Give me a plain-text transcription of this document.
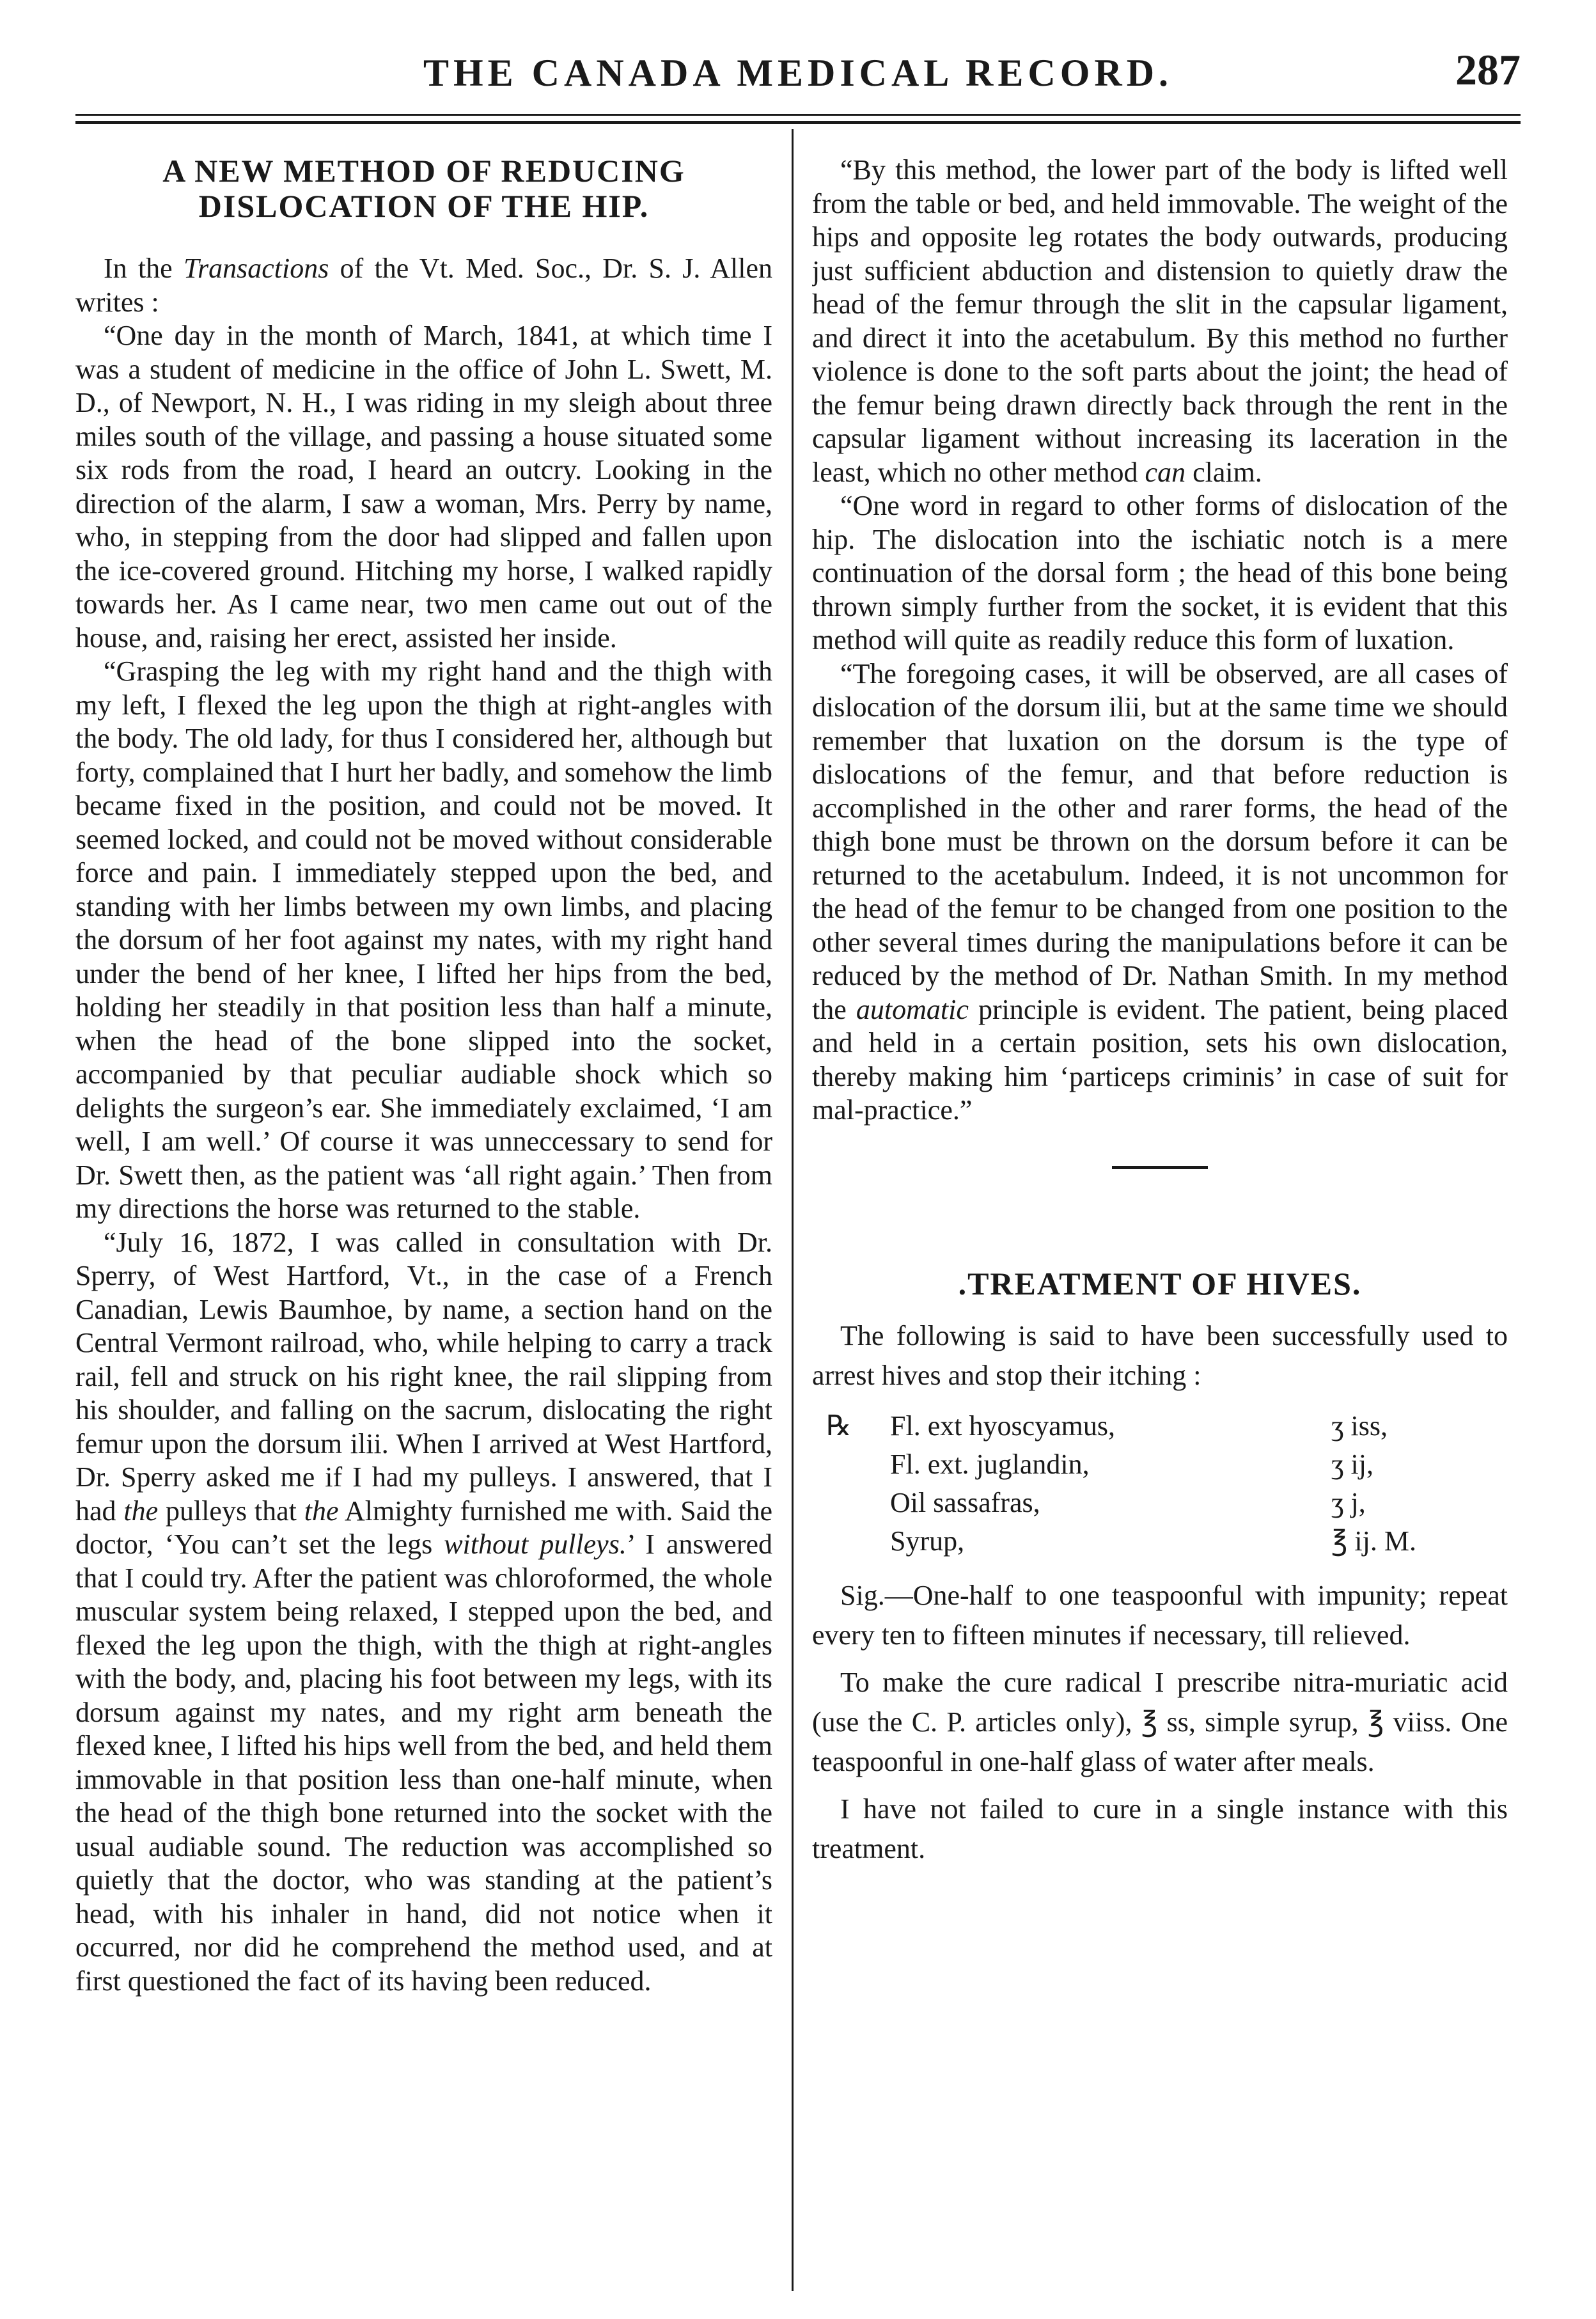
THE CANADA MEDICAL RECORD.	287
A NEW METHOD OF REDUCING DISLOCATION OF THE HIP.

In the Transactions of the Vt. Med. Soc., Dr. S. J. Allen writes :

“One day in the month of March, 1841, at which time I was a student of medicine in the office of John L. Swett, M. D., of Newport, N. H., I was riding in my sleigh about three miles south of the village, and passing a house situated some six rods from the road, I heard an outcry. Looking in the direction of the alarm, I saw a woman, Mrs. Perry by name, who, in stepping from the door had slipped and fallen upon the ice-covered ground. Hitching my horse, I walked rapidly towards her. As I came near, two men came out out of the house, and, raising her erect, assisted her inside.

“Grasping the leg with my right hand and the thigh with my left, I flexed the leg upon the thigh at right-angles with the body. The old lady, for thus I considered her, although but forty, complained that I hurt her badly, and somehow the limb became fixed in the position, and could not be moved. It seemed locked, and could not be moved without considerable force and pain. I immediately stepped upon the bed, and standing with her limbs between my own limbs, and placing the dorsum of her foot against my nates, with my right hand under the bend of her knee, I lifted her hips from the bed, holding her steadily in that position less than half a minute, when the head of the bone slipped into the socket, accompanied by that peculiar audiable shock which so delights the surgeon’s ear. She immediately exclaimed, ‘I am well, I am well.’ Of course it was unneccessary to send for Dr. Swett then, as the patient was ‘all right again.’ Then from my directions the horse was returned to the stable.

“July 16, 1872, I was called in consultation with Dr. Sperry, of West Hartford, Vt., in the case of a French Canadian, Lewis Baumhoe, by name, a section hand on the Central Vermont railroad, who, while helping to carry a track rail, fell and struck on his right knee, the rail slipping from his shoulder, and falling on the sacrum, dislocating the right femur upon the dorsum ilii. When I arrived at West Hartford, Dr. Sperry asked me if I had my pulleys. I answered, that I had the pulleys that the Almighty furnished me with. Said the doctor, ‘You can’t set the legs without pulleys.’ I answered that I could try. After the patient was chloroformed, the whole muscular system being relaxed, I stepped upon the bed, and flexed the leg upon the thigh, with the thigh at right-angles with the body, and, placing his foot between my legs, with its dorsum against my nates, and my right arm beneath the flexed knee, I lifted his hips well from the bed, and held them immovable in that position less than one-half minute, when the head of the thigh bone returned into the socket with the usual audiable sound. The reduction was accomplished so quietly that the doctor, who was standing at the patient’s head, with his inhaler in hand, did not notice when it occurred, nor did he comprehend the method used, and at first questioned the fact of its having been reduced.

“By this method, the lower part of the body is lifted well from the table or bed, and held immovable. The weight of the hips and opposite leg rotates the body outwards, producing just sufficient abduction and distension to quietly draw the head of the femur through the slit in the capsular ligament, and direct it into the acetabulum. By this method no further violence is done to the soft parts about the joint; the head of the femur being drawn directly back through the rent in the capsular ligament without increasing its laceration in the least, which no other method can claim.

“One word in regard to other forms of dislocation of the hip. The dislocation into the ischiatic notch is a mere continuation of the dorsal form ; the head of this bone being thrown simply further from the socket, it is evident that this method will quite as readily reduce this form of luxation.

“The foregoing cases, it will be observed, are all cases of dislocation of the dorsum ilii, but at the same time we should remember that luxation on the dorsum is the type of dislocations of the femur, and that before reduction is accomplished in the other and rarer forms, the head of the thigh bone must be thrown on the dorsum before it can be returned to the acetabulum. Indeed, it is not uncommon for the head of the femur to be changed from one position to the other several times during the manipulations before it can be reduced by the method of Dr. Nathan Smith. In my method the automatic principle is evident. The patient, being placed and held in a certain position, sets his own dislocation, thereby making him ‘particeps criminis’ in case of suit for mal-practice.”

.TREATMENT OF HIVES.

The following is said to have been successfully used to arrest hives and stop their itching :

℞	Fl. ext hyoscyamus,	ʒ iss,
Fl. ext. juglandin,	ʒ ij,
Oil sassafras,	ʒ j,
Syrup,	℥ ij. M.

Sig.—One-half to one teaspoonful with impunity; repeat every ten to fifteen minutes if necessary, till relieved.

To make the cure radical I prescribe nitra-muriatic acid (use the C. P. articles only), ℥ ss, simple syrup, ℥ viiss. One teaspoonful in one-half glass of water after meals.

I have not failed to cure in a single instance with this treatment.
